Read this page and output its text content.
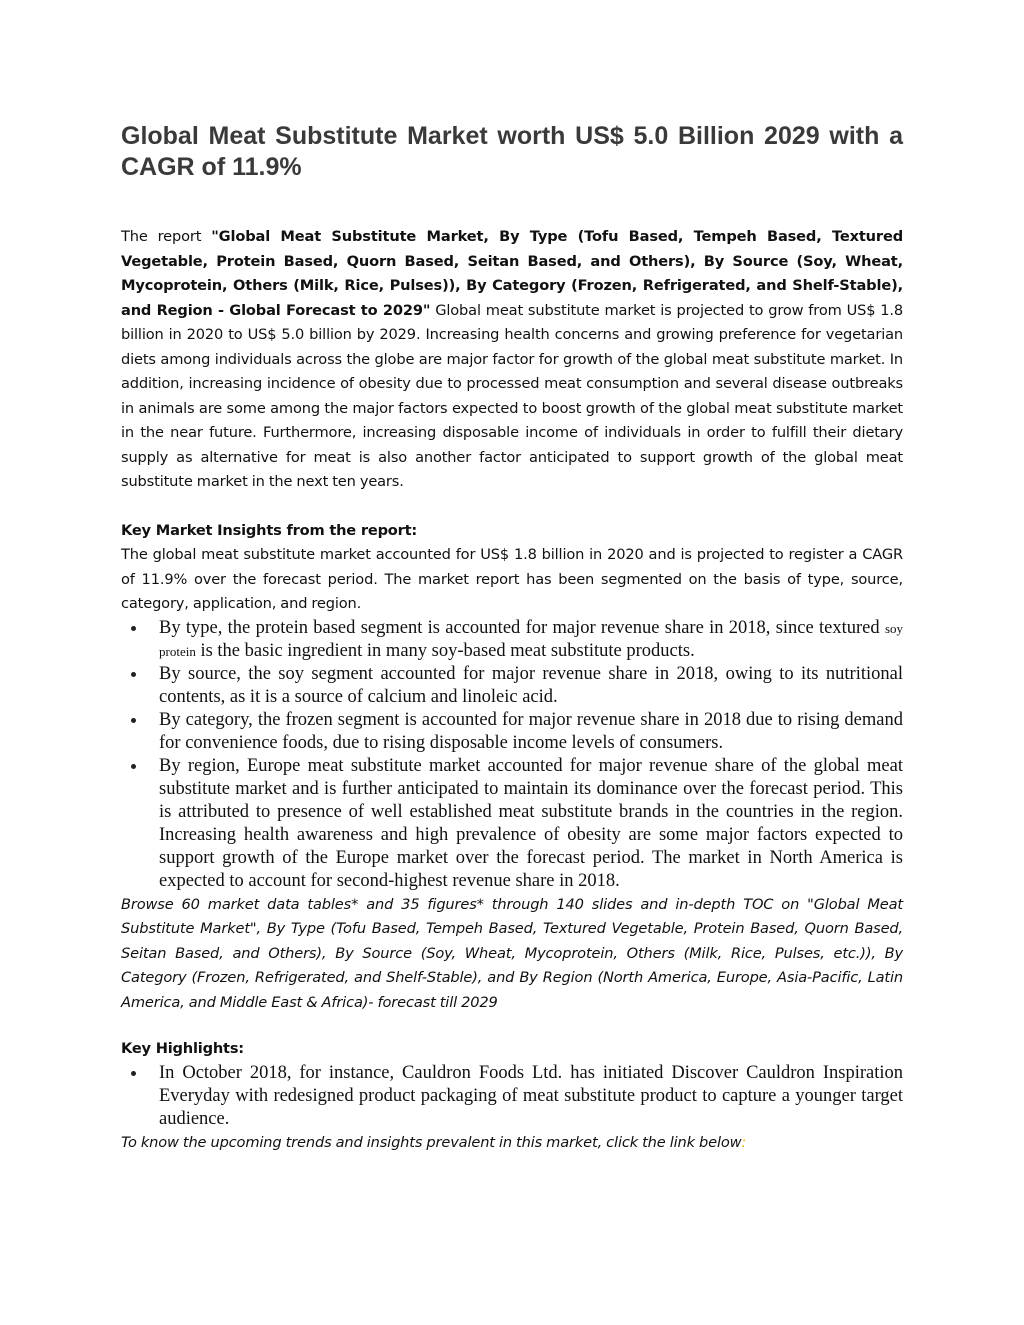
Global Meat Substitute Market worth US$ 5.0 Billion 2029 with a CAGR of 11.9%

The report "Global Meat Substitute Market, By Type (Tofu Based, Tempeh Based, Textured Vegetable, Protein Based, Quorn Based, Seitan Based, and Others), By Source (Soy, Wheat, Mycoprotein, Others (Milk, Rice, Pulses)), By Category (Frozen, Refrigerated, and Shelf-Stable), and Region - Global Forecast to 2029" Global meat substitute market is projected to grow from US$ 1.8 billion in 2020 to US$ 5.0 billion by 2029. Increasing health concerns and growing preference for vegetarian diets among individuals across the globe are major factor for growth of the global meat substitute market. In addition, increasing incidence of obesity due to processed meat consumption and several disease outbreaks in animals are some among the major factors expected to boost growth of the global meat substitute market in the near future. Furthermore, increasing disposable income of individuals in order to fulfill their dietary supply as alternative for meat is also another factor anticipated to support growth of the global meat substitute market in the next ten years.

Key Market Insights from the report:

The global meat substitute market accounted for US$ 1.8 billion in 2020 and is projected to register a CAGR of 11.9% over the forecast period. The market report has been segmented on the basis of type, source, category, application, and region.

By type, the protein based segment is accounted for major revenue share in 2018, since textured soy protein is the basic ingredient in many soy-based meat substitute products.
By source, the soy segment accounted for major revenue share in 2018, owing to its nutritional contents, as it is a source of calcium and linoleic acid.
By category, the frozen segment is accounted for major revenue share in 2018 due to rising demand for convenience foods, due to rising disposable income levels of consumers.
By region, Europe meat substitute market accounted for major revenue share of the global meat substitute market and is further anticipated to maintain its dominance over the forecast period. This is attributed to presence of well established meat substitute brands in the countries in the region. Increasing health awareness and high prevalence of obesity are some major factors expected to support growth of the Europe market over the forecast period. The market in North America is expected to account for second-highest revenue share in 2018.

Browse 60 market data tables* and 35 figures* through 140 slides and in-depth TOC on "Global Meat Substitute Market", By Type (Tofu Based, Tempeh Based, Textured Vegetable, Protein Based, Quorn Based, Seitan Based, and Others), By Source (Soy, Wheat, Mycoprotein, Others (Milk, Rice, Pulses, etc.)), By Category (Frozen, Refrigerated, and Shelf-Stable), and By Region (North America, Europe, Asia-Pacific, Latin America, and Middle East & Africa)- forecast till 2029

Key Highlights:
In October 2018, for instance, Cauldron Foods Ltd. has initiated Discover Cauldron Inspiration Everyday with redesigned product packaging of meat substitute product to capture a younger target audience.

To know the upcoming trends and insights prevalent in this market, click the link below:
